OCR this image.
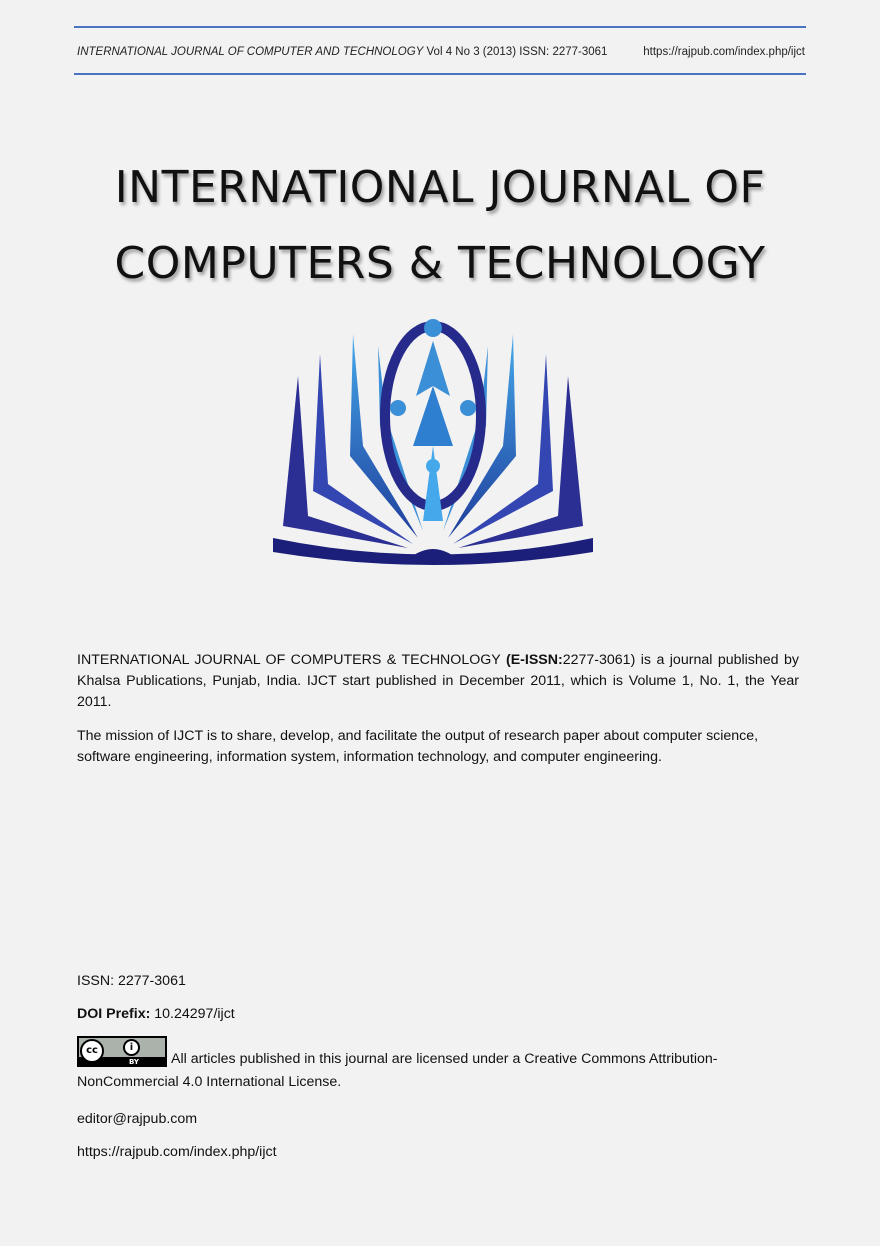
INTERNATIONAL JOURNAL OF COMPUTER AND TECHNOLOGY Vol 4 No 3 (2013) ISSN: 2277-3061	https://rajpub.com/index.php/ijct
INTERNATIONAL JOURNAL OF
COMPUTERS & TECHNOLOGY
INTERNATIONAL JOURNAL OF COMPUTERS & TECHNOLOGY (E-ISSN:2277-3061) is a journal published by Khalsa Publications, Punjab, India. IJCT start published in December 2011, which is Volume 1, No. 1, the Year 2011.
The mission of IJCT is to share, develop, and facilitate the output of research paper about computer science, software engineering, information system, information technology, and computer engineering.
ISSN: 2277-3061
DOI Prefix: 10.24297/ijct
cc	i
BY	All articles published in this journal are licensed under a Creative Commons Attribution-NonCommercial 4.0 International License.
editor@rajpub.com
https://rajpub.com/index.php/ijct
